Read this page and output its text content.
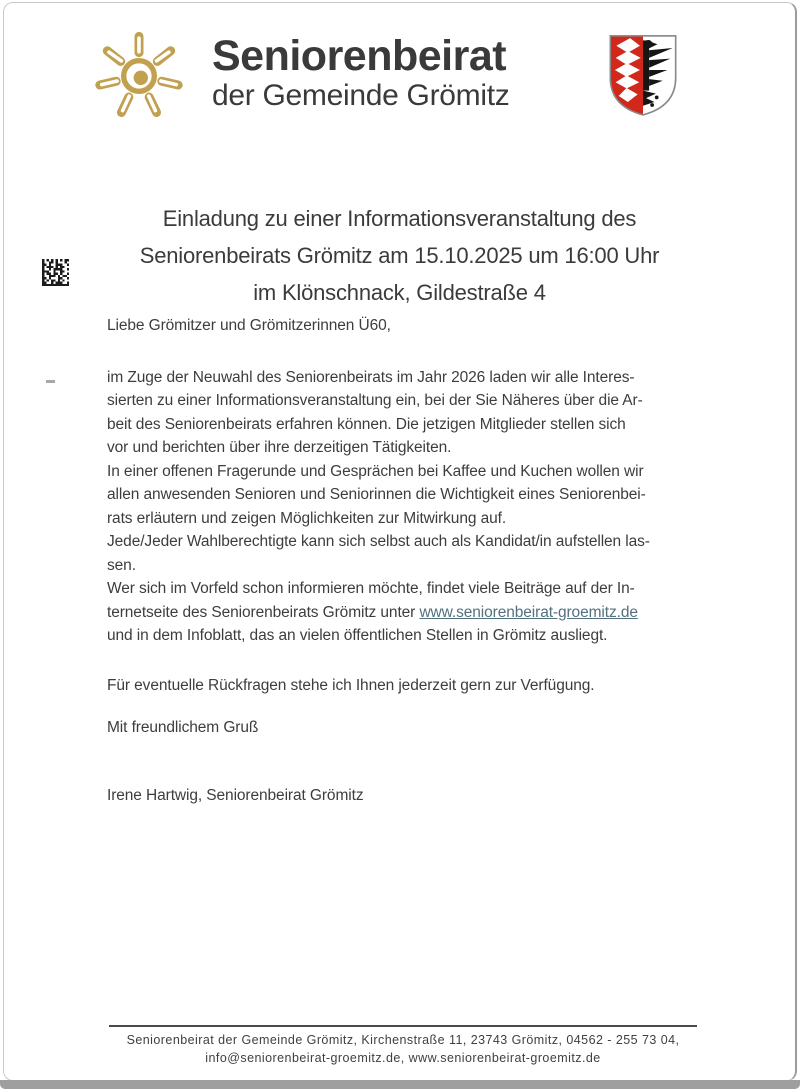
Seniorenbeirat
der Gemeinde Grömitz
Einladung zu einer Informationsveranstaltung des
Seniorenbeirats Grömitz am 15.10.2025 um 16:00 Uhr
im Klönschnack, Gildestraße 4
Liebe Grömitzer und Grömitzerinnen Ü60,
im Zuge der Neuwahl des Seniorenbeirats im Jahr 2026 laden wir alle Interes-
sierten zu einer Informationsveranstaltung ein, bei der Sie Näheres über die Ar-
beit des Seniorenbeirats erfahren können. Die jetzigen Mitglieder stellen sich
vor und berichten über ihre derzeitigen Tätigkeiten.
In einer offenen Fragerunde und Gesprächen bei Kaffee und Kuchen wollen wir
allen anwesenden Senioren und Seniorinnen die Wichtigkeit eines Seniorenbei-
rats erläutern und zeigen Möglichkeiten zur Mitwirkung auf.
Jede/Jeder Wahlberechtigte kann sich selbst auch als Kandidat/in aufstellen las-
sen.
Wer sich im Vorfeld schon informieren möchte, findet viele Beiträge auf der In-
ternetseite des Seniorenbeirats Grömitz unter www.seniorenbeirat-groemitz.de
und in dem Infoblatt, das an vielen öffentlichen Stellen in Grömitz ausliegt.
Für eventuelle Rückfragen stehe ich Ihnen jederzeit gern zur Verfügung.
Mit freundlichem Gruß
Irene Hartwig, Seniorenbeirat Grömitz
Seniorenbeirat der Gemeinde Grömitz, Kirchenstraße 11, 23743 Grömitz, 04562 - 255 73 04,
info@seniorenbeirat-groemitz.de, www.seniorenbeirat-groemitz.de
